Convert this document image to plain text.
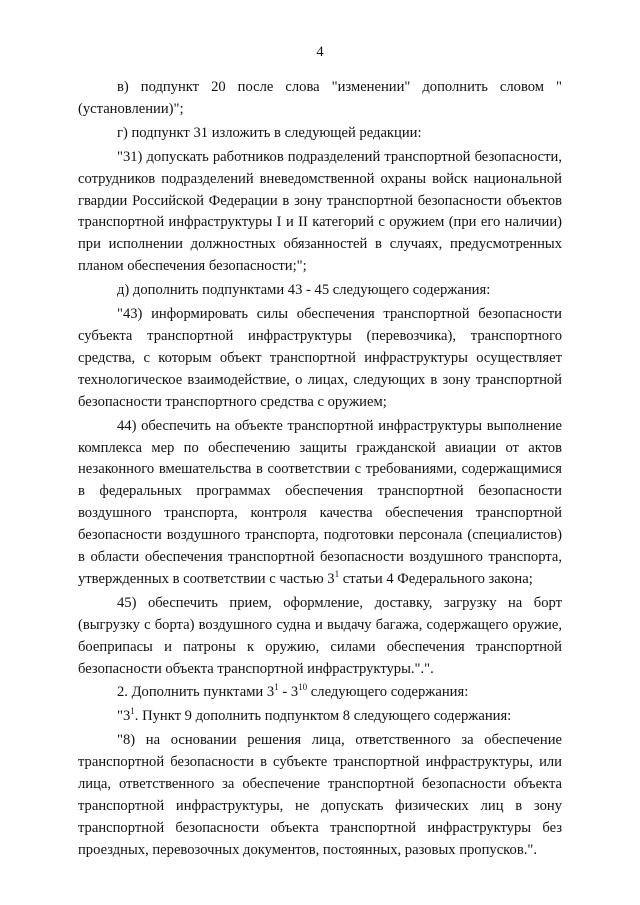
4

в) подпункт 20 после слова "изменении" дополнить словом "(установлении)";

г) подпункт 31 изложить в следующей редакции:

"31) допускать работников подразделений транспортной безопасности, сотрудников подразделений вневедомственной охраны войск национальной гвардии Российской Федерации в зону транспортной безопасности объектов транспортной инфраструктуры I и II категорий с оружием (при его наличии) при исполнении должностных обязанностей в случаях, предусмотренных планом обеспечения безопасности;";

д) дополнить подпунктами 43 - 45 следующего содержания:

"43) информировать силы обеспечения транспортной безопасности субъекта транспортной инфраструктуры (перевозчика), транспортного средства, с которым объект транспортной инфраструктуры осуществляет технологическое взаимодействие, о лицах, следующих в зону транспортной безопасности транспортного средства с оружием;

44) обеспечить на объекте транспортной инфраструктуры выполнение комплекса мер по обеспечению защиты гражданской авиации от актов незаконного вмешательства в соответствии с требованиями, содержащимися в федеральных программах обеспечения транспортной безопасности воздушного транспорта, контроля качества обеспечения транспортной безопасности воздушного транспорта, подготовки персонала (специалистов) в области обеспечения транспортной безопасности воздушного транспорта, утвержденных в соответствии с частью $3^1$ статьи 4 Федерального закона;

45) обеспечить прием, оформление, доставку, загрузку на борт (выгрузку с борта) воздушного судна и выдачу багажа, содержащего оружие, боеприпасы и патроны к оружию, силами обеспечения транспортной безопасности объекта транспортной инфраструктуры.".".

2. Дополнить пунктами $3^1 - 3^{10}$ следующего содержания:

"$3^1$. Пункт 9 дополнить подпунктом 8 следующего содержания:

"8) на основании решения лица, ответственного за обеспечение транспортной безопасности в субъекте транспортной инфраструктуры, или лица, ответственного за обеспечение транспортной безопасности объекта транспортной инфраструктуры, не допускать физических лиц в зону транспортной безопасности объекта транспортной инфраструктуры без проездных, перевозочных документов, постоянных, разовых пропусков.".
